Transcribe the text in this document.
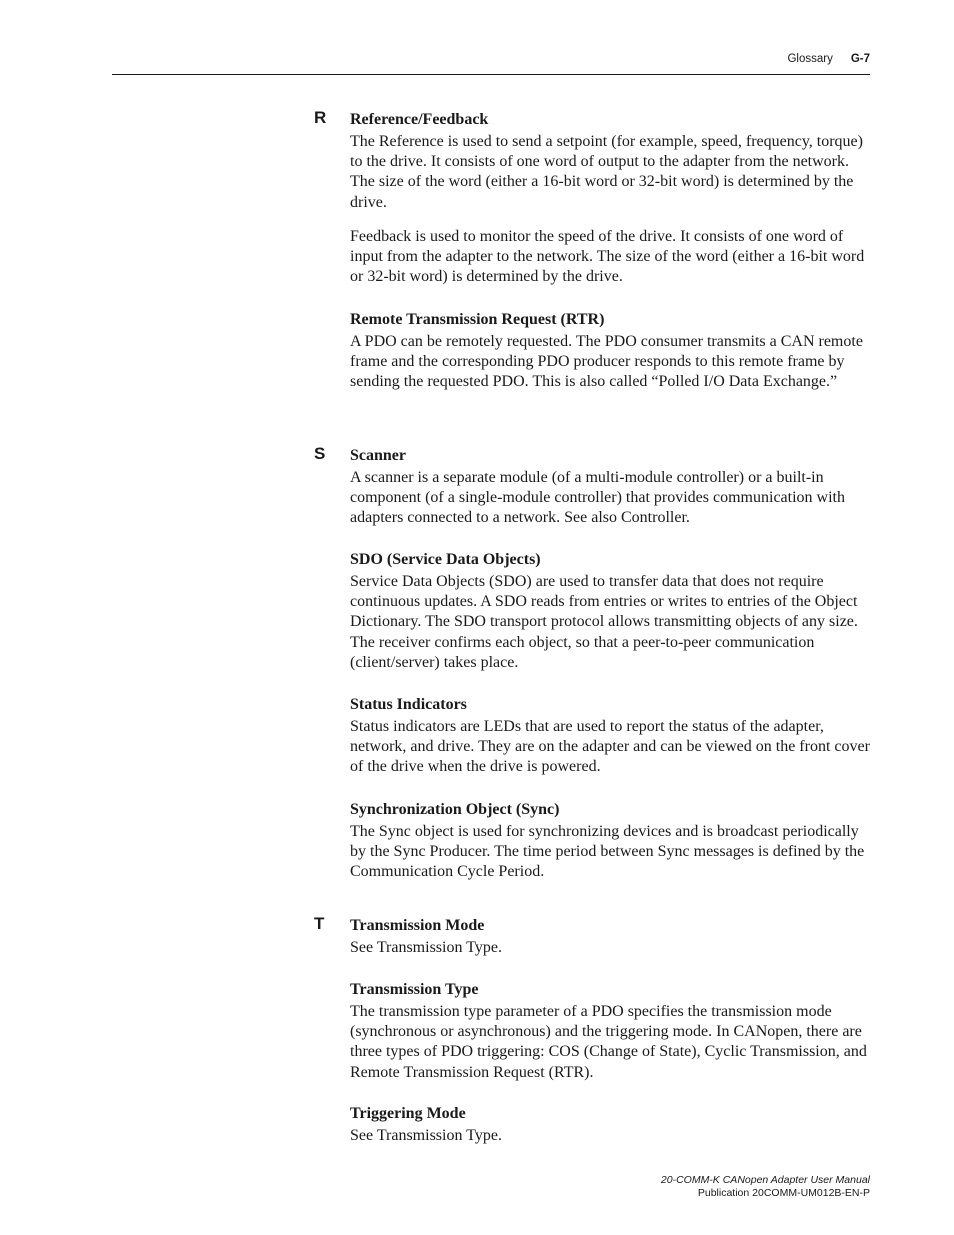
Glossary G-7
R
S
T

Reference/Feedback

The Reference is used to send a setpoint (for example, speed, frequency, torque) to the drive. It consists of one word of output to the adapter from the network. The size of the word (either a 16-bit word or 32-bit word) is determined by the drive.

Feedback is used to monitor the speed of the drive. It consists of one word of input from the adapter to the network. The size of the word (either a 16-bit word or 32-bit word) is determined by the drive.

Remote Transmission Request (RTR)

A PDO can be remotely requested. The PDO consumer transmits a CAN remote frame and the corresponding PDO producer responds to this remote frame by sending the requested PDO. This is also called “Polled I/O Data Exchange.”

Scanner

A scanner is a separate module (of a multi-module controller) or a built-in component (of a single-module controller) that provides communication with adapters connected to a network. See also Controller.

SDO (Service Data Objects)

Service Data Objects (SDO) are used to transfer data that does not require continuous updates. A SDO reads from entries or writes to entries of the Object Dictionary. The SDO transport protocol allows transmitting objects of any size. The receiver confirms each object, so that a peer-to-peer communication (client/server) takes place.

Status Indicators

Status indicators are LEDs that are used to report the status of the adapter, network, and drive. They are on the adapter and can be viewed on the front cover of the drive when the drive is powered.

Synchronization Object (Sync)

The Sync object is used for synchronizing devices and is broadcast periodically by the Sync Producer. The time period between Sync messages is defined by the Communication Cycle Period.

Transmission Mode

See Transmission Type.

Transmission Type

The transmission type parameter of a PDO specifies the transmission mode (synchronous or asynchronous) and the triggering mode. In CANopen, there are three types of PDO triggering: COS (Change of State), Cyclic Transmission, and Remote Transmission Request (RTR).

Triggering Mode

See Transmission Type.

20-COMM-K CANopen Adapter User Manual
Publication 20COMM-UM012B-EN-P
